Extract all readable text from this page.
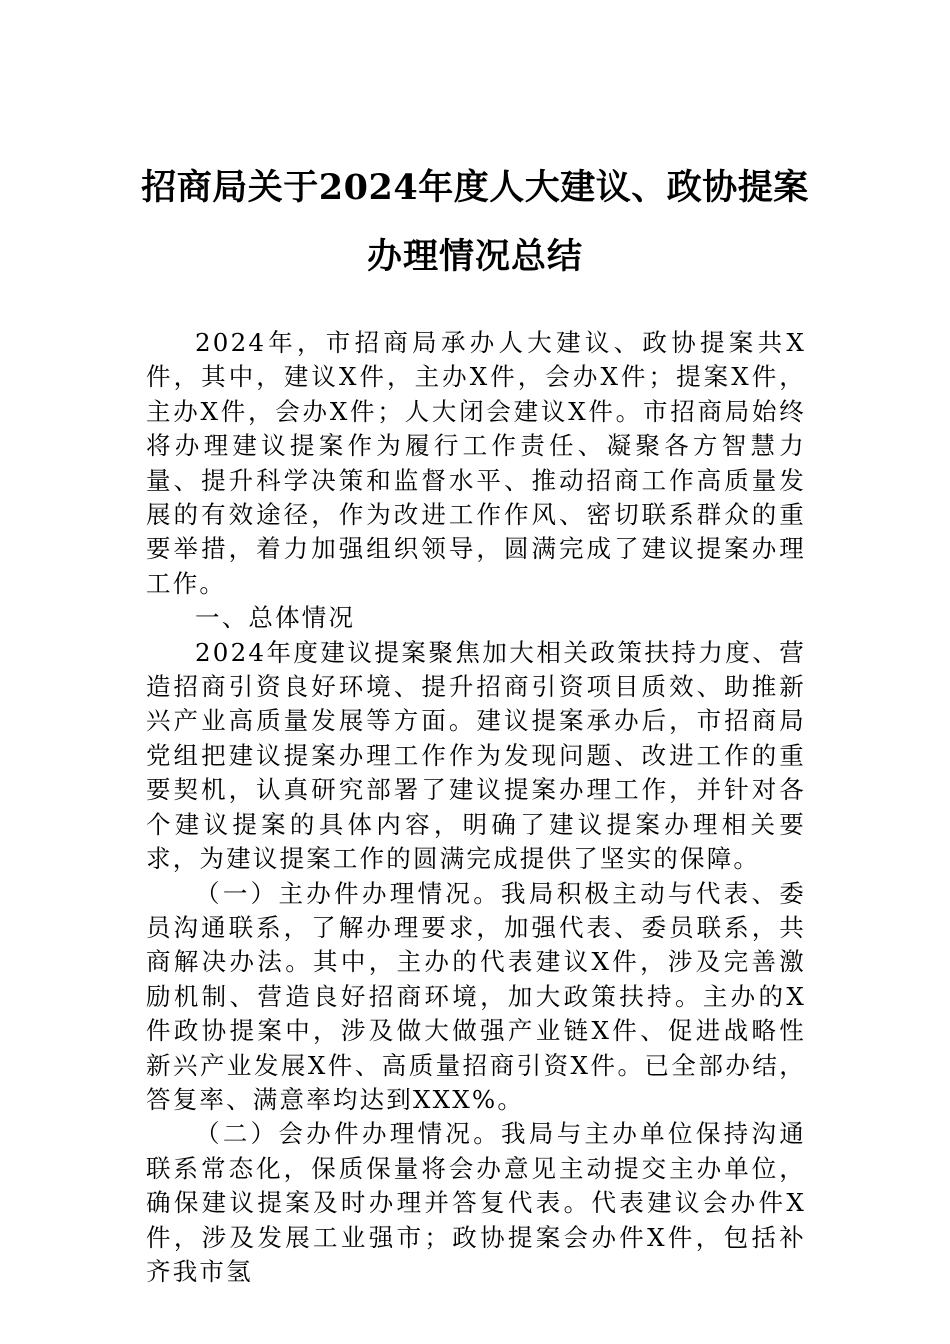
招商局关于2024年度人大建议、政协提案
办理情况总结

2024年，市招商局承办人大建议、政协提案共X件，其中，建议X件，主办X件，会办X件；提案X件，主办X件，会办X件；人大闭会建议X件。市招商局始终将办理建议提案作为履行工作责任、凝聚各方智慧力量、提升科学决策和监督水平、推动招商工作高质量发展的有效途径，作为改进工作作风、密切联系群众的重要举措，着力加强组织领导，圆满完成了建议提案办理工作。

一、总体情况

2024年度建议提案聚焦加大相关政策扶持力度、营造招商引资良好环境、提升招商引资项目质效、助推新兴产业高质量发展等方面。建议提案承办后，市招商局党组把建议提案办理工作作为发现问题、改进工作的重要契机，认真研究部署了建议提案办理工作，并针对各个建议提案的具体内容，明确了建议提案办理相关要求，为建议提案工作的圆满完成提供了坚实的保障。

（一）主办件办理情况。我局积极主动与代表、委员沟通联系，了解办理要求，加强代表、委员联系，共商解决办法。其中，主办的代表建议X件，涉及完善激励机制、营造良好招商环境，加大政策扶持。主办的X件政协提案中，涉及做大做强产业链X件、促进战略性新兴产业发展X件、高质量招商引资X件。已全部办结，答复率、满意率均达到XXX%。

（二）会办件办理情况。我局与主办单位保持沟通联系常态化，保质保量将会办意见主动提交主办单位，确保建议提案及时办理并答复代表。代表建议会办件X件，涉及发展工业强市；政协提案会办件X件，包括补齐我市氢
